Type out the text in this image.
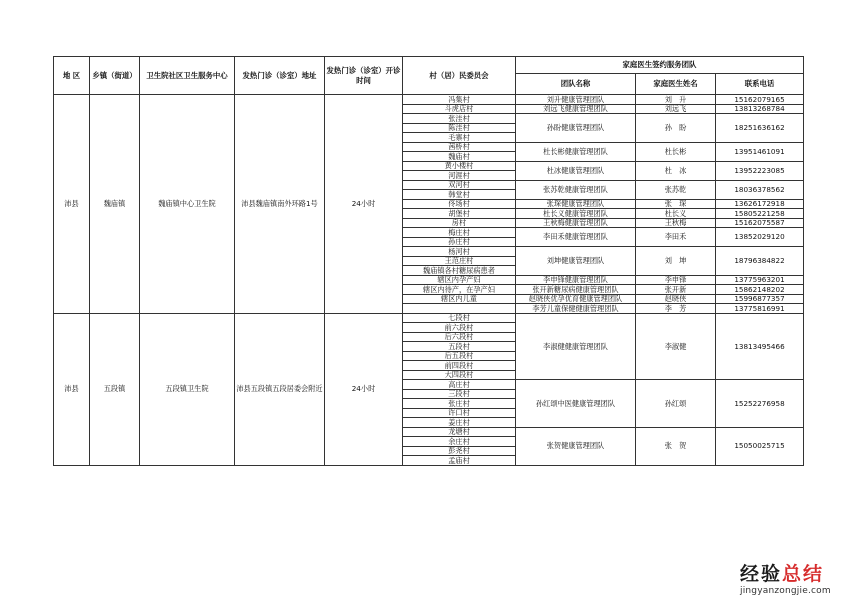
地 区	乡镇（街道）	卫生院社区卫生服务中心	发热门诊（诊室）地址	发热门诊（诊室）开诊时间	村（居）民委员会	家庭医生签约服务团队		
						团队名称	家庭医生姓名	联系电话
沛县	魏庙镇	魏庙镇中心卫生院	沛县魏庙镇南外环路1号	24小时	冯集村	刘升健康管理团队	刘　升	15162079165
					斗虎店村	刘远飞健康管理团队	刘远飞	13813268784
					张洼村	孙盼健康管理团队	孙　盼	18251636162
					陈洼村			
					毛寨村			
					茜桥村	杜长彬健康管理团队	杜长彬	13951461091
					魏庙村			
					黄小楼村	杜冰健康管理团队	杜　冰	13952223085
					河涯村			
					双河村	张苏乾健康管理团队	张苏乾	18036378562
					韩堂村			
					佟场村	张琛健康管理团队	张　琛	13626172918
					胡堡村	杜长义健康管理团队	杜长义	15805221258
					房村	王秋梅健康管理团队	王秋梅	15162075587
					梅庄村	李田禾健康管理团队	李田禾	13852029120
					孙庄村			
					杨河村	刘坤健康管理团队	刘　坤	18796384822
					王范庄村			
					魏庙镇各村糖尿病患者			
					辖区内孕产妇	李申锋健康管理团队	李申锋	13775963201
					辖区内待产，在孕产妇	张开新糖尿病健康管理团队	张开新	15862148202
					辖区内儿童	赵晓侠优孕优育健康管理团队	赵晓侠	15996877357
						李芳儿童保健健康管理团队	李　芳	13775816991
沛县	五段镇	五段镇卫生院	沛县五段镇五段居委会附近	24小时	七段村	李淑健健康管理团队	李淑健	13813495466
					前六段村			
					后六段村			
					五段村			
					后五段村			
					前四段村			
					大四段村			
					高庄村	孙红颂中医健康管理团队	孙红颂	15252276958
					三段村			
					张庄村			
					许口村			
					姜庄村			
					龙塘村	张贺健康管理团队	张　贺	15050025715
					余庄村			
					彭尧村			
					孟庙村			
经验总结
jingyanzongjie.com
